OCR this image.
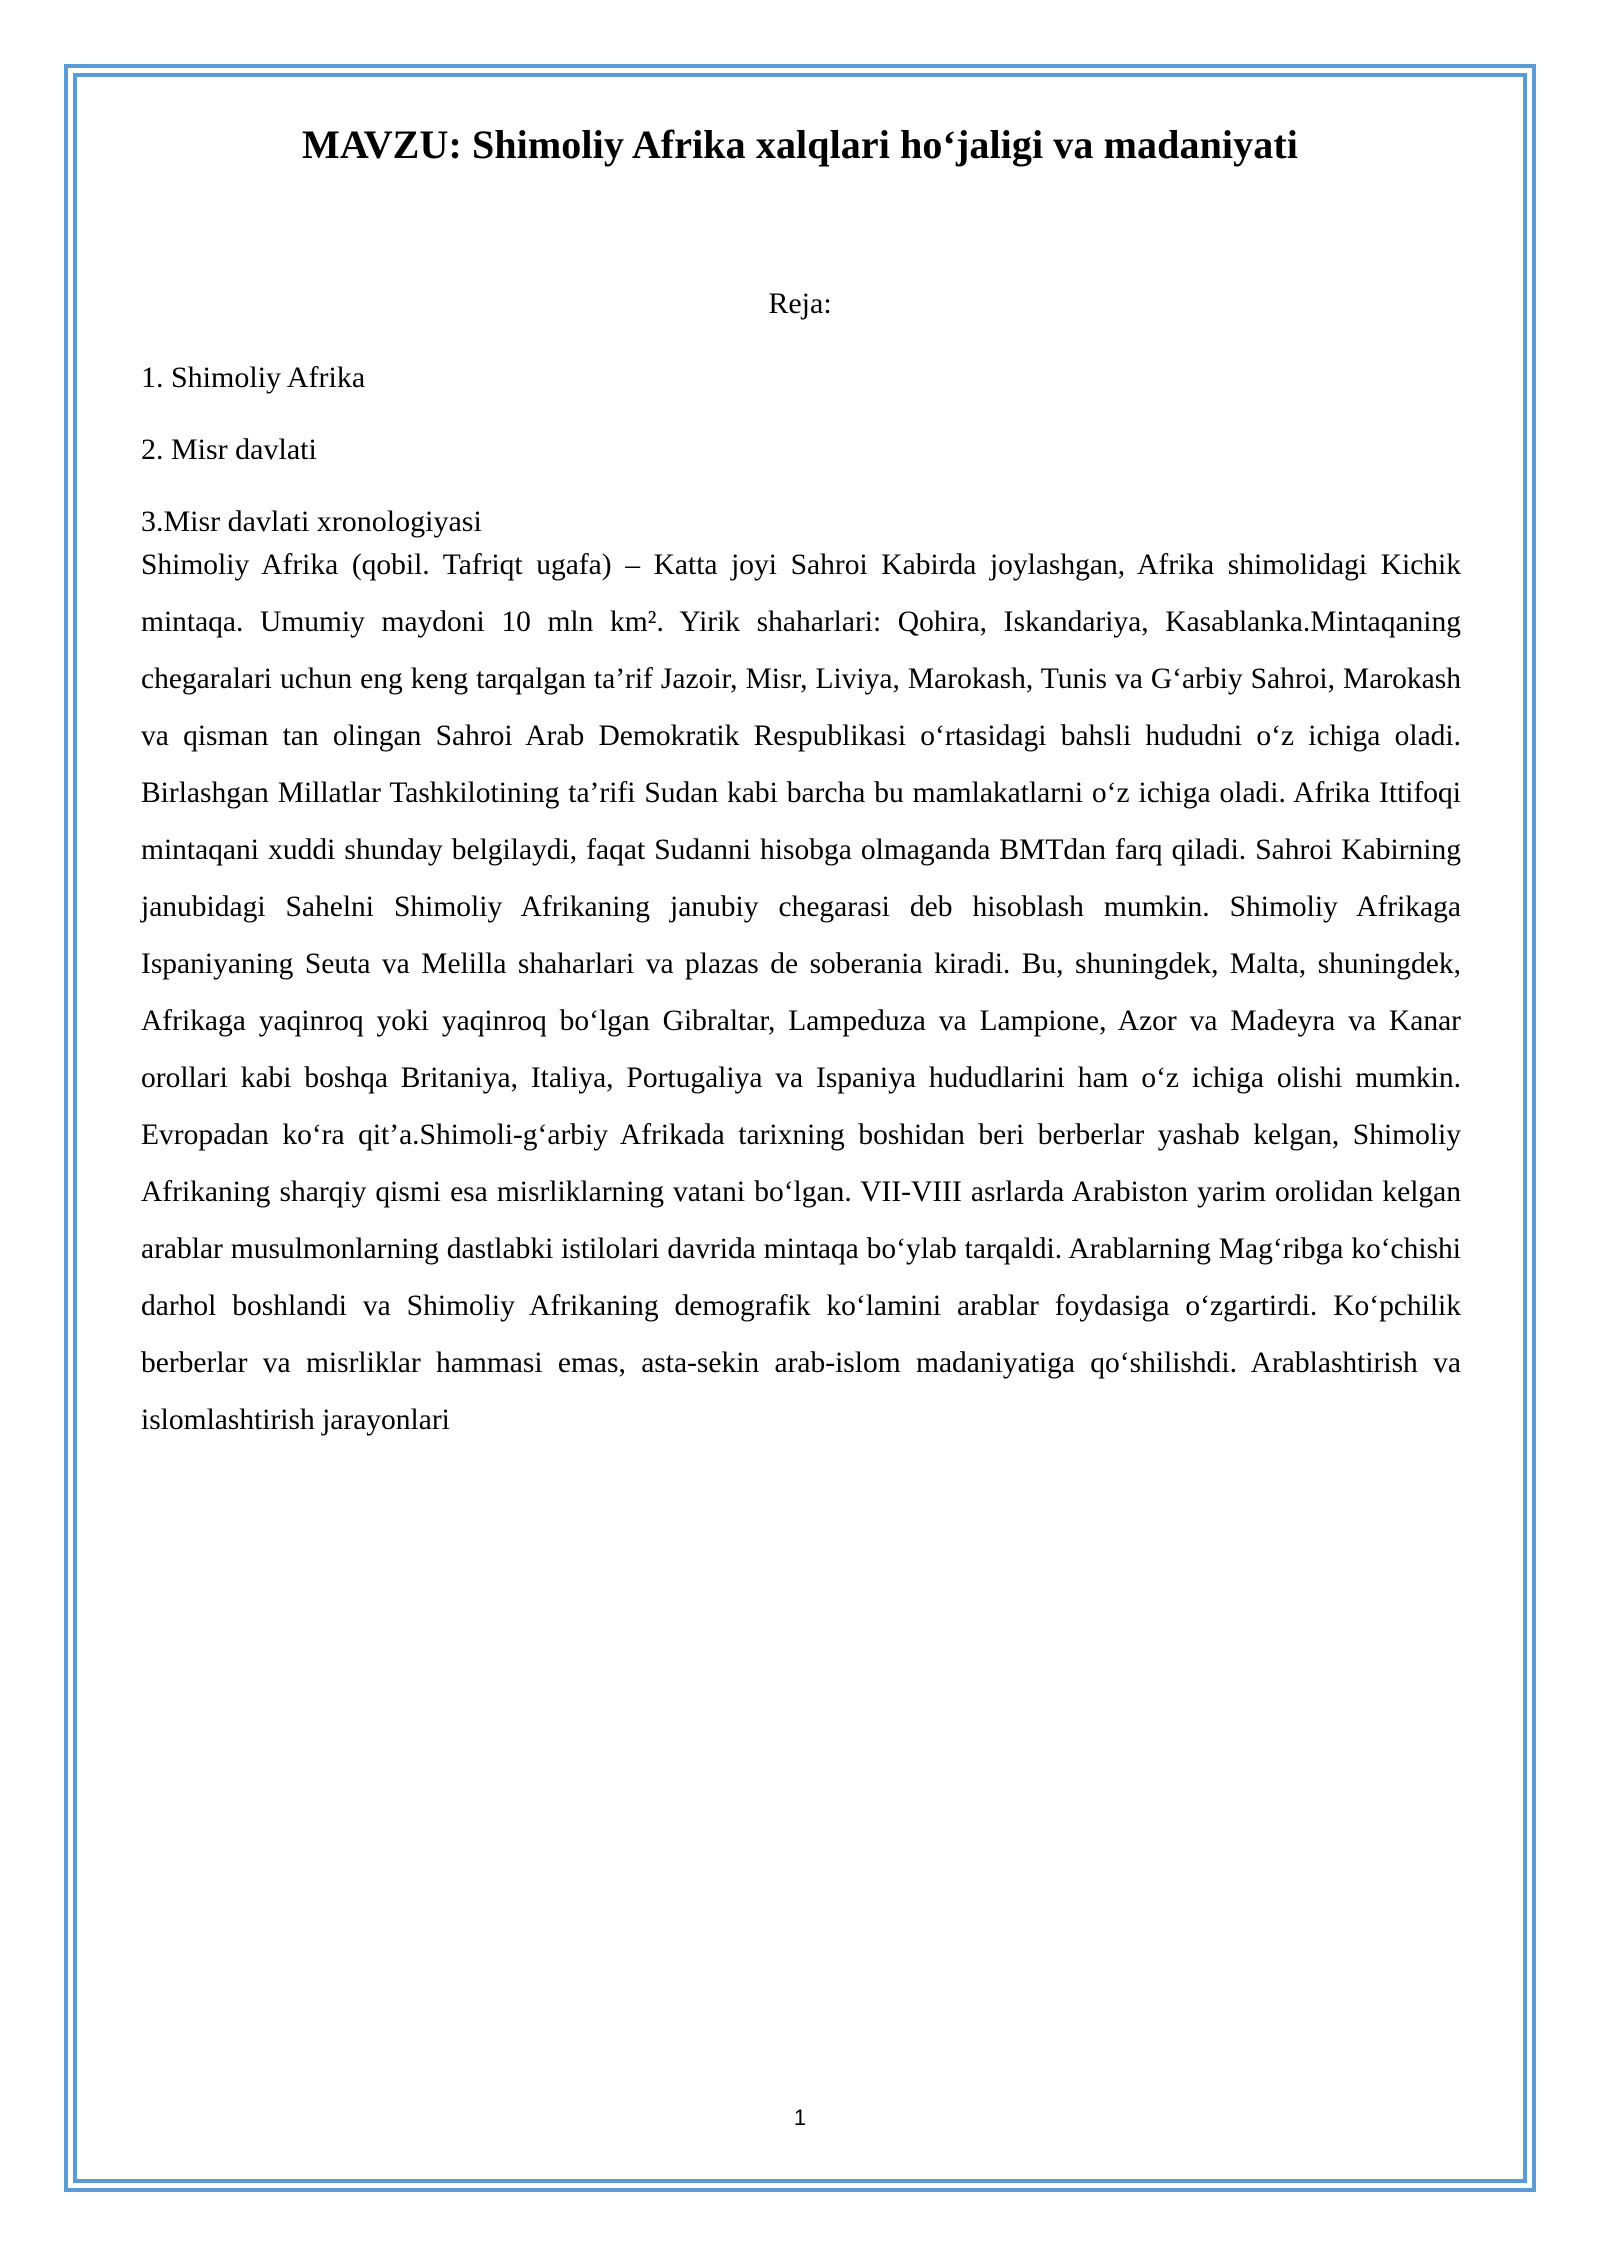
MAVZU: Shimoliy Afrika xalqlari ho‘jaligi va madaniyati

Reja:

1. Shimoliy Afrika
2. Misr davlati
3.Misr davlati xronologiyasi

Shimoliy Afrika (qobil. Tafriqt ugafa) – Katta joyi Sahroi Kabirda joylashgan, Afrika shimolidagi Kichik mintaqa. Umumiy maydoni 10 mln km². Yirik shaharlari: Qohira, Iskandariya, Kasablanka.Mintaqaning chegaralari uchun eng keng tarqalgan ta’rif Jazoir, Misr, Liviya, Marokash, Tunis va G‘arbiy Sahroi, Marokash va qisman tan olingan Sahroi Arab Demokratik Respublikasi o‘rtasidagi bahsli hududni o‘z ichiga oladi. Birlashgan Millatlar Tashkilotining ta’rifi Sudan kabi barcha bu mamlakatlarni o‘z ichiga oladi. Afrika Ittifoqi mintaqani xuddi shunday belgilaydi, faqat Sudanni hisobga olmaganda BMTdan farq qiladi. Sahroi Kabirning janubidagi Sahelni Shimoliy Afrikaning janubiy chegarasi deb hisoblash mumkin. Shimoliy Afrikaga Ispaniyaning Seuta va Melilla shaharlari va plazas de soberania kiradi. Bu, shuningdek, Malta, shuningdek, Afrikaga yaqinroq yoki yaqinroq bo‘lgan Gibraltar, Lampeduza va Lampione, Azor va Madeyra va Kanar orollari kabi boshqa Britaniya, Italiya, Portugaliya va Ispaniya hududlarini ham o‘z ichiga olishi mumkin. Evropadan ko‘ra qit’a.Shimoli-g‘arbiy Afrikada tarixning boshidan beri berberlar yashab kelgan, Shimoliy Afrikaning sharqiy qismi esa misrliklarning vatani bo‘lgan. VII-VIII asrlarda Arabiston yarim orolidan kelgan arablar musulmonlarning dastlabki istilolari davrida mintaqa bo‘ylab tarqaldi. Arablarning Mag‘ribga ko‘chishi darhol boshlandi va Shimoliy Afrikaning demografik ko‘lamini arablar foydasiga o‘zgartirdi. Ko‘pchilik berberlar va misrliklar hammasi emas, asta-sekin arab-islom madaniyatiga qo‘shilishdi. Arablashtirish va islomlashtirish jarayonlari

1
